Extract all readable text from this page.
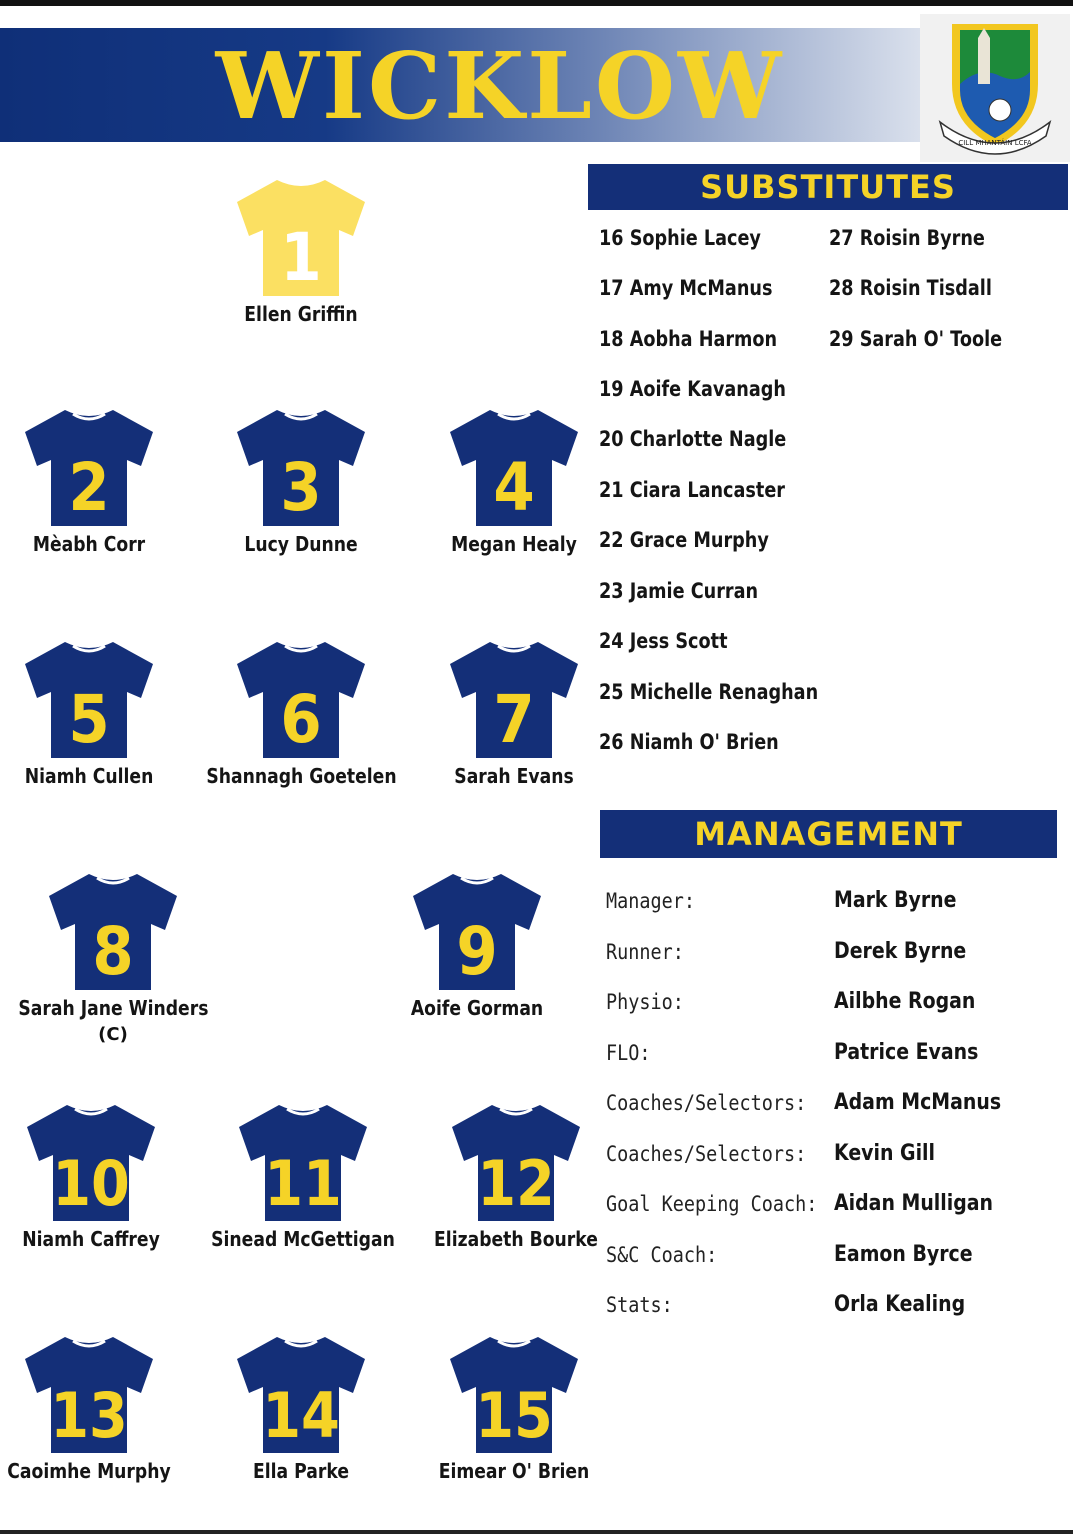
WICKLOW
CILL MHANTÁIN LCFA
1
Ellen Griffin
2
Mèabh Corr
3
Lucy Dunne
4
Megan Healy
5
Niamh Cullen
6
Shannagh Goetelen
7
Sarah Evans
8
Sarah Jane Winders
(C)
9
Aoife Gorman
10
Niamh Caffrey
11
Sinead McGettigan
12
Elizabeth Bourke
13
Caoimhe Murphy
14
Ella Parke
15
Eimear O' Brien
SUBSTITUTES
16 Sophie Lacey
17 Amy McManus
18 Aobha Harmon
19 Aoife Kavanagh
20 Charlotte Nagle
21 Ciara Lancaster
22 Grace Murphy
23 Jamie Curran
24 Jess Scott
25 Michelle Renaghan
26 Niamh O' Brien
27 Roisin Byrne
28 Roisin Tisdall
29 Sarah O' Toole
MANAGEMENT
Manager:	Mark Byrne
Runner:	Derek Byrne
Physio:	Ailbhe Rogan
FLO:	Patrice Evans
Coaches/Selectors: Adam McManus
Coaches/Selectors: Kevin Gill
Goal Keeping Coach: Aidan Mulligan
S&C Coach:	Eamon Byrce
Stats:	Orla Kealing
